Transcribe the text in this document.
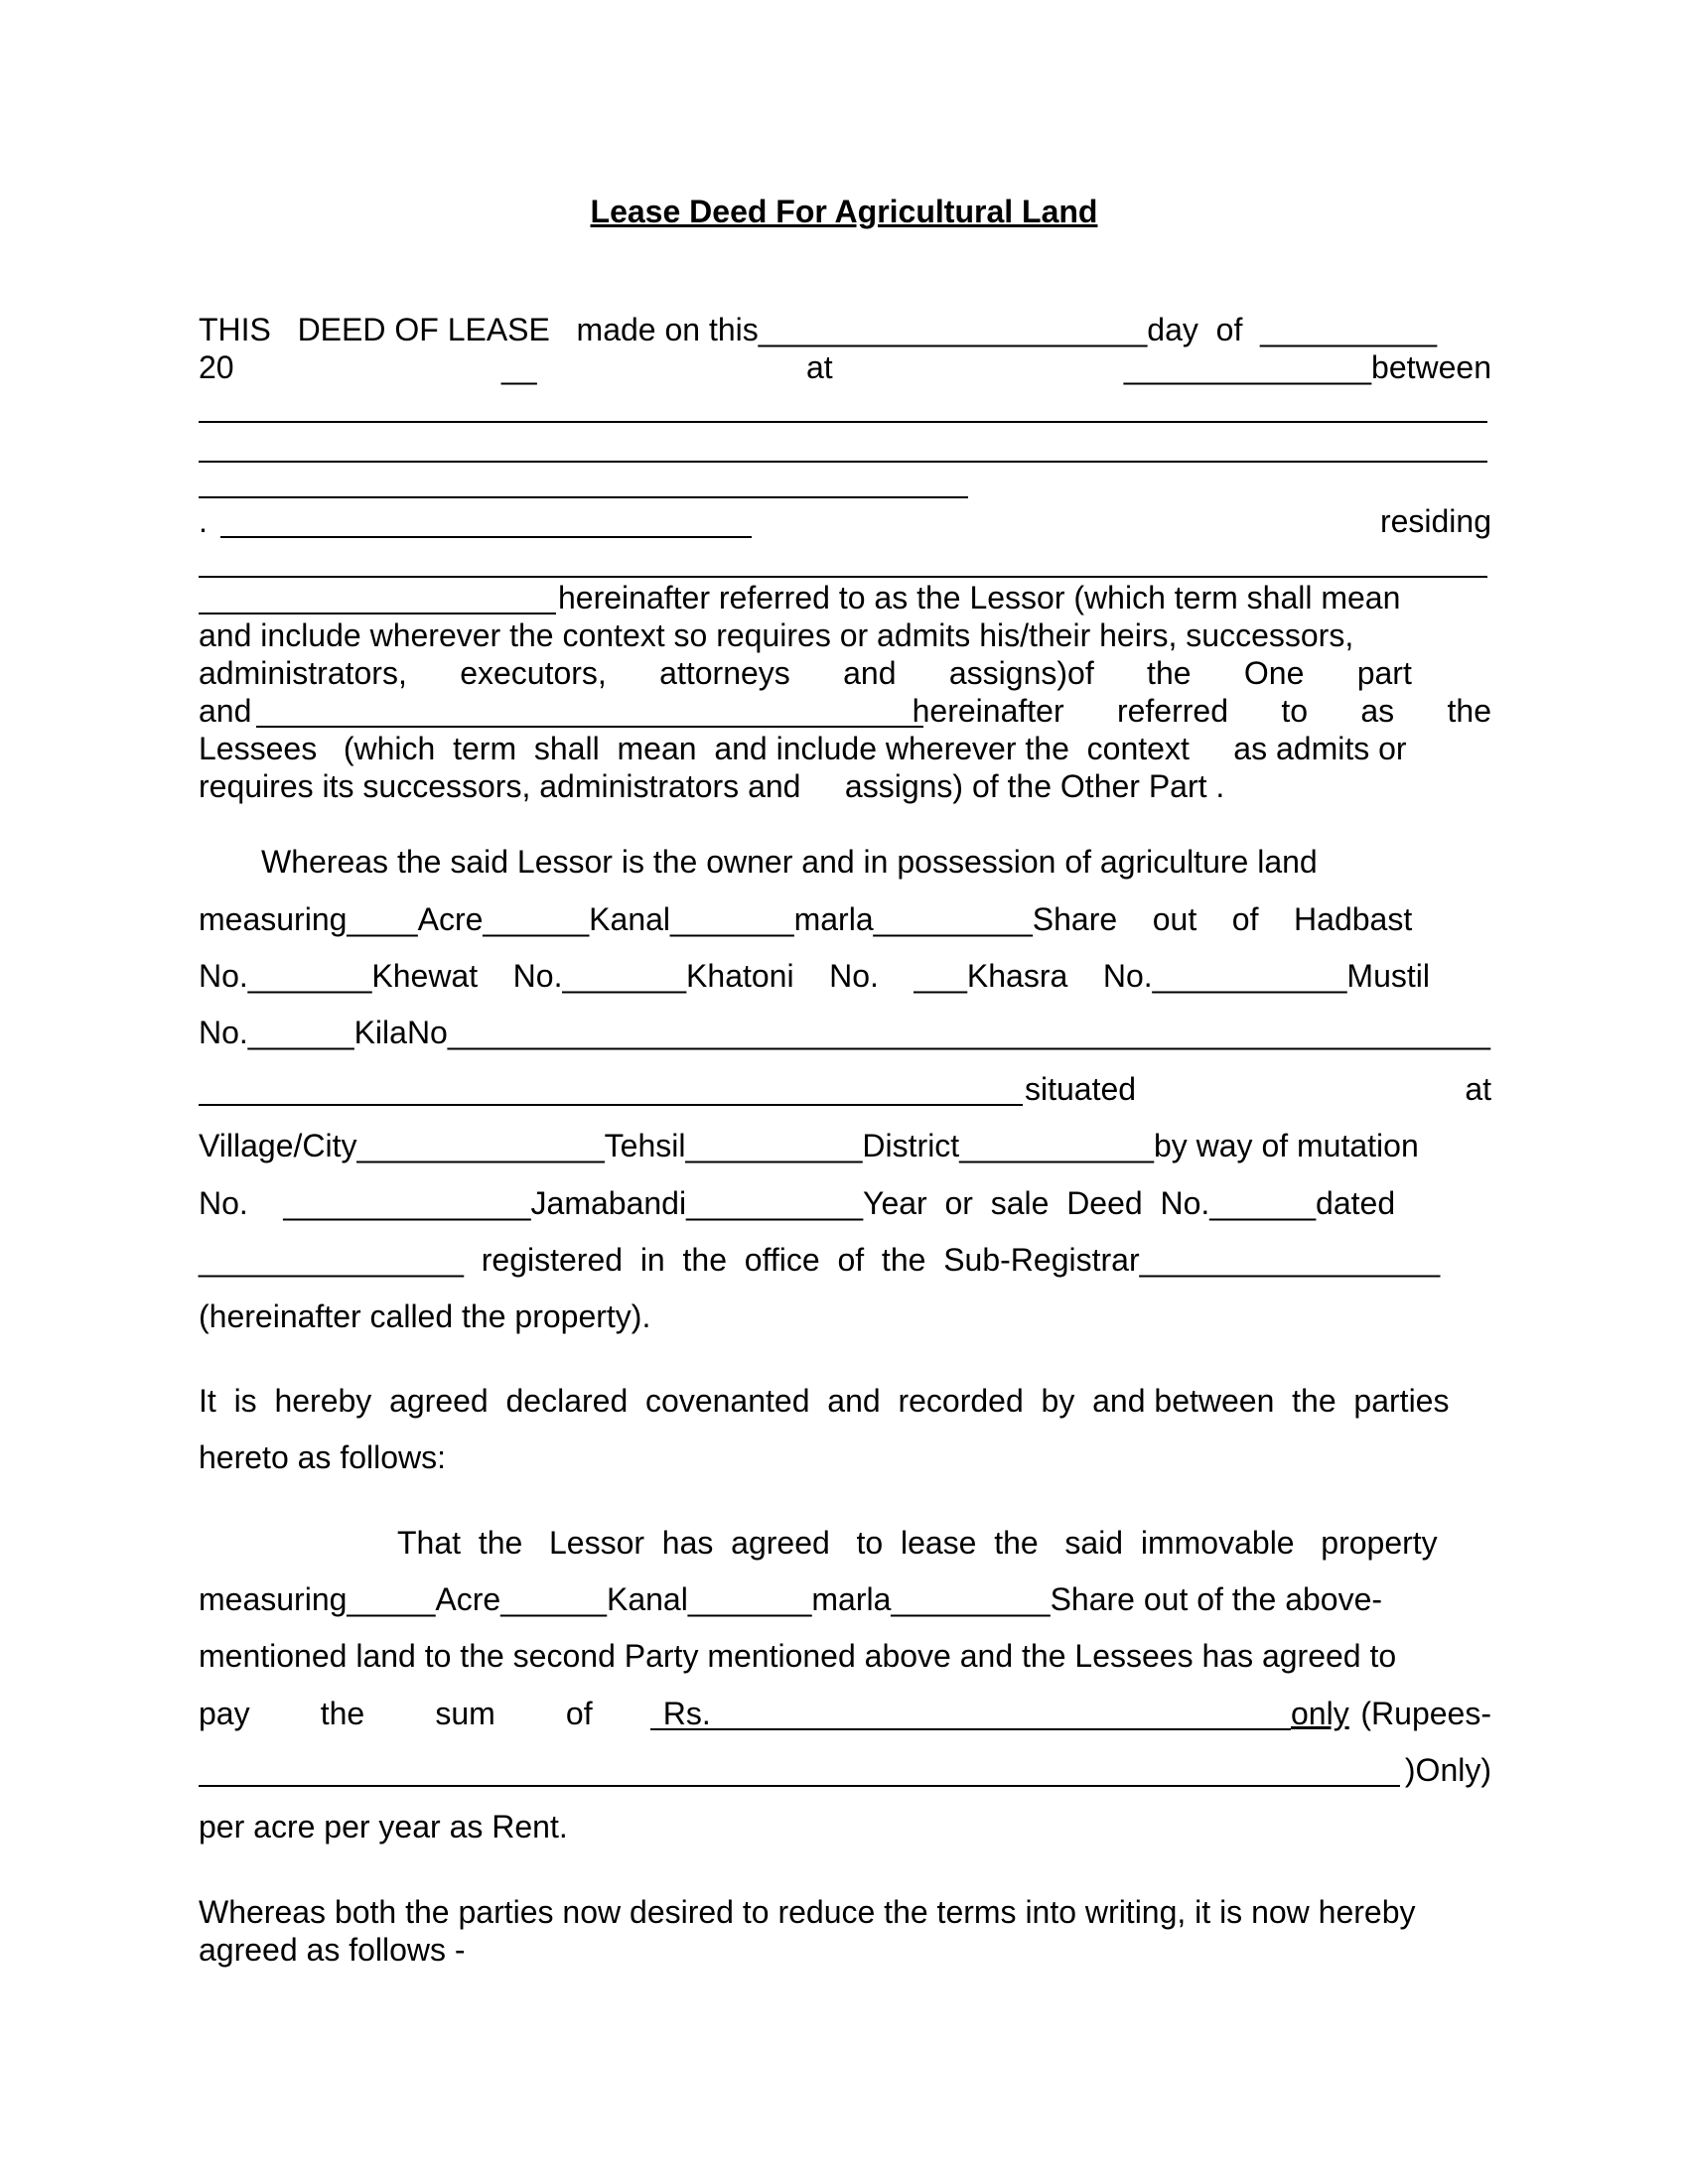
Lease Deed For Agricultural Land

THIS   DEED OF LEASE   made on this______________________day  of  __________

20	__	at	______________between

.	residing

hereinafter referred to as the Lessor (which term shall mean

and include wherever the context so requires or admits his/their heirs, successors,

administrators,      executors,      attorneys      and      assigns)of      the      One      part

and	hereinafter      referred      to      as      the

Lessees   (which  term  shall  mean  and include wherever the  context     as admits or

requires its successors, administrators and     assigns) of the Other Part .

Whereas the said Lessor is the owner and in possession of agriculture land

measuring____Acre______Kanal_______marla_________Share    out    of    Hadbast

No._______Khewat    No._______Khatoni    No.    ___Khasra    No.___________Mustil

No.______KilaNo___________________________________________________________

situated	at

Village/City______________Tehsil__________District___________by way of mutation

No.    ______________Jamabandi__________Year  or  sale  Deed  No.______dated

_______________  registered  in  the  office  of  the  Sub-Registrar_________________

(hereinafter called the property).

It  is  hereby  agreed  declared  covenanted  and  recorded  by  and between  the  parties

hereto as follows:

That  the   Lessor  has  agreed   to  lease  the   said  immovable   property

measuring_____Acre______Kanal_______marla_________Share out of the above-

mentioned land to the second Party mentioned above and the Lessees has agreed to

pay        the        sum        of        Rs.	only (Rupees-

)Only)

per acre per year as Rent.

Whereas both the parties now desired to reduce the terms into writing, it is now hereby

agreed as follows -
